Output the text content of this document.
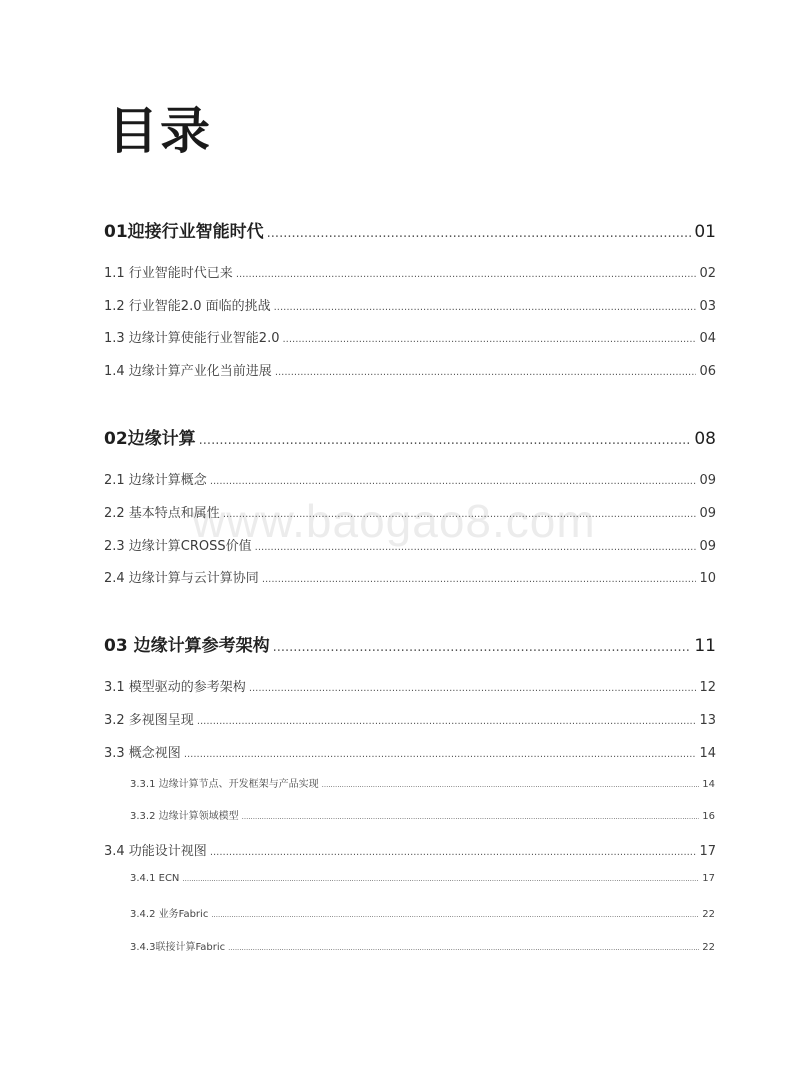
目录
www.baogao8.com
01迎接行业智能时代 .....	01
1.1 行业智能时代已来 .....	02
1.2 行业智能2.0 面临的挑战 .....	03
1.3 边缘计算使能行业智能2.0 .....	04
1.4 边缘计算产业化当前进展 .....	06
02边缘计算 .....	08
2.1 边缘计算概念 .....	09
2.2 基本特点和属性 .....	09
2.3 边缘计算CROSS价值 .....	09
2.4 边缘计算与云计算协同 .....	10
03 边缘计算参考架构 .....	11
3.1 模型驱动的参考架构 .....	12
3.2 多视图呈现 .....	13
3.3 概念视图 .....	14
3.3.1 边缘计算节点、开发框架与产品实现 .....	14
3.3.2 边缘计算领域模型 .....	16
3.4 功能设计视图 .....	17
3.4.1 ECN .....	17
3.4.2 业务Fabric .....	22
3.4.3联接计算Fabric .....	22
